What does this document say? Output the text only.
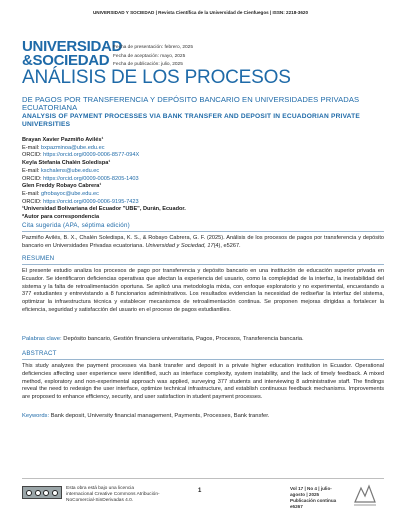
UNIVERSIDAD Y SOCIEDAD | Revista Científica de la Universidad de Cienfuegos | ISSN: 2218-3620
UNIVERSIDAD
&SOCIEDAD
Fecha de presentación: febrero, 2025
Fecha de aceptación: mayo, 2025
Fecha de publicación: julio, 2025
ANÁLISIS DE LOS PROCESOS
DE PAGOS POR TRANSFERENCIA Y DEPÓSITO BANCARIO EN UNIVERSIDADES PRIVADAS ECUATORIANA
ANALYSIS OF PAYMENT PROCESSES VIA BANK TRANSFER AND DEPOSIT IN ECUADORIAN PRIVATE UNIVERSITIES
Brayan Xavier Pazmiño Avilés¹
E-mail: bxpazminoa@ube.edu.ec
ORCID: https://orcid.org/0009-0006-8577-094X
Keyla Stefania Chalén Soledispa¹
E-mail: kschalens@ube.edu.ec
ORCID: https://orcid.org/0009-0005-8205-1403
Glen Freddy Robayo Cabrera¹
E-mail: gfrobayoc@ube.edu.ec
ORCID: https://orcid.org/0009-0006-9195-7423
¹Universidad Bolivariana del Ecuador "UBE", Durán, Ecuador.
*Autor para correspondencia
Cita sugerida (APA, séptima edición)
Pazmiño Avilés, B. X., Chalén Soledispa, K. S., & Robayo Cabrera, G. F. (2025). Análisis de los procesos de pagos por transferencia y depósito bancario en Universidades Privadas ecuatoriana. Universidad y Sociedad, 17(4), e5267.
RESUMEN
El presente estudio analiza los procesos de pago por transferencia y depósito bancario en una institución de educación superior privada en Ecuador. Se identificaron deficiencias operativas que afectan la experiencia del usuario, como la complejidad de la interfaz, la inestabilidad del sistema y la falta de retroalimentación oportuna. Se aplicó una metodología mixta, con enfoque exploratorio y no experimental, encuestando a 377 estudiantes y entrevistando a 8 funcionarios administrativos. Los resultados evidencian la necesidad de rediseñar la interfaz del sistema, optimizar la infraestructura técnica y establecer mecanismos de retroalimentación continua. Se proponen mejoras dirigidas a fortalecer la eficiencia, seguridad y satisfacción del usuario en el proceso de pagos estudiantiles.
Palabras clave: Depósito bancario, Gestión financiera universitaria, Pagos, Procesos, Transferencia bancaria.
ABSTRACT
This study analyzes the payment processes via bank transfer and deposit in a private higher education institution in Ecuador. Operational deficiencies affecting user experience were identified, such as interface complexity, system instability, and the lack of timely feedback. A mixed method, exploratory and non-experimental approach was applied, surveying 377 students and interviewing 8 administrative staff. The findings reveal the need to redesign the user interface, optimize technical infrastructure, and establish continuous feedback mechanisms. Improvements are proposed to enhance efficiency, security, and user satisfaction in student payment processes.
Keywords: Bank deposit, University financial management, Payments, Processes, Bank transfer.
Esta obra está bajo una licencia internacional Creative Commons Atribución-NoComercial-SinDerivadas 4.0.
1	Vol 17 | No 4 | julio-agosto | 2025
Publicación continua
e5267
